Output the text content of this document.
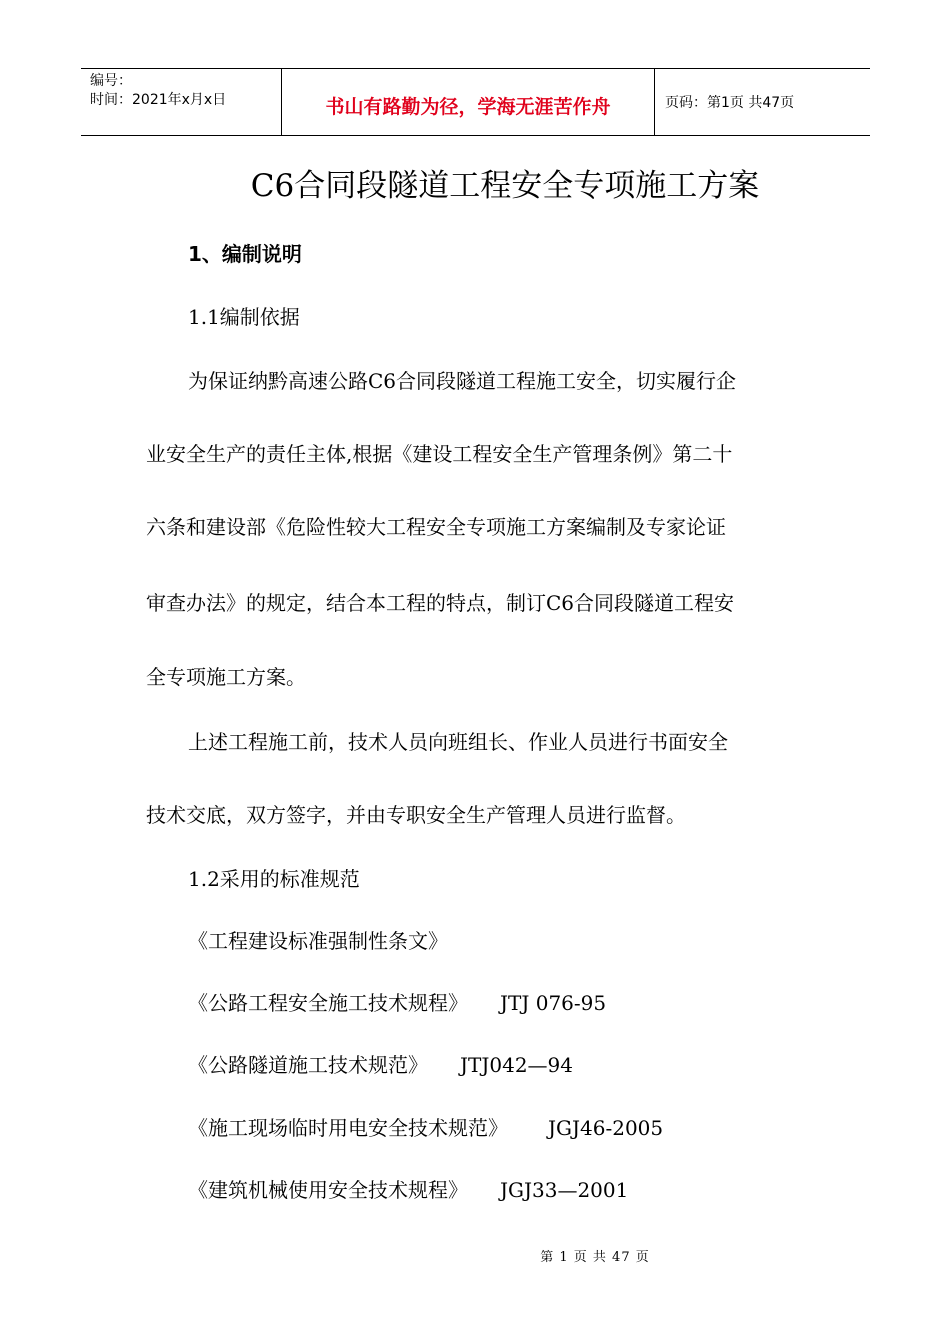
编号：
时间：2021年x月x日	书山有路勤为径，学海无涯苦作舟	页码：第1页 共47页
C6合同段隧道工程安全专项施工方案
1、编制说明
1.1编制依据
为保证纳黔高速公路C6合同段隧道工程施工安全，切实履行企
业安全生产的责任主体,根据《建设工程安全生产管理条例》第二十
六条和建设部《危险性较大工程安全专项施工方案编制及专家论证
审查办法》的规定，结合本工程的特点，制订C6合同段隧道工程安
全专项施工方案。
上述工程施工前，技术人员向班组长、作业人员进行书面安全
技术交底，双方签字，并由专职安全生产管理人员进行监督。
1.2采用的标准规范
《工程建设标准强制性条文》
《公路工程安全施工技术规程》 JTJ 076-95
《公路隧道施工技术规范》 JTJ042—94
《施工现场临时用电安全技术规范》 JGJ46-2005
《建筑机械使用安全技术规程》 JGJ33—2001
第 1 页 共 47 页
